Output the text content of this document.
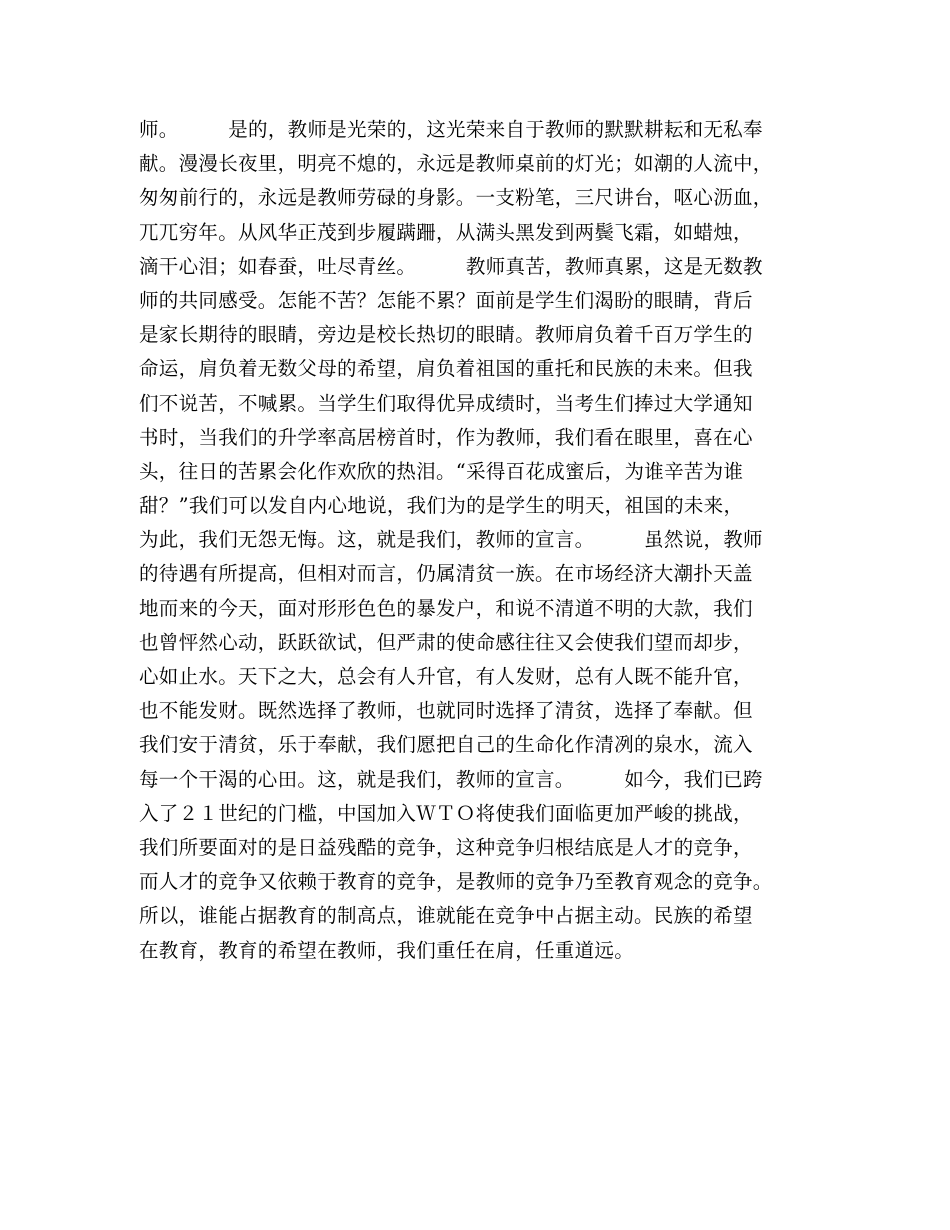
师。　　　是的，教师是光荣的，这光荣来自于教师的默默耕耘和无私奉
献。漫漫长夜里，明亮不熄的，永远是教师桌前的灯光；如潮的人流中，
匆匆前行的，永远是教师劳碌的身影。一支粉笔，三尺讲台，呕心沥血，
兀兀穷年。从风华正茂到步履蹒跚，从满头黑发到两鬓飞霜，如蜡烛，
滴干心泪；如春蚕，吐尽青丝。　　　教师真苦，教师真累，这是无数教
师的共同感受。怎能不苦？怎能不累？面前是学生们渴盼的眼睛，背后
是家长期待的眼睛，旁边是校长热切的眼睛。教师肩负着千百万学生的
命运，肩负着无数父母的希望，肩负着祖国的重托和民族的未来。但我
们不说苦，不喊累。当学生们取得优异成绩时，当考生们捧过大学通知
书时，当我们的升学率高居榜首时，作为教师，我们看在眼里，喜在心
头，往日的苦累会化作欢欣的热泪。“采得百花成蜜后，为谁辛苦为谁
甜？”我们可以发自内心地说，我们为的是学生的明天，祖国的未来，
为此，我们无怨无悔。这，就是我们，教师的宣言。　　　虽然说，教师
的待遇有所提高，但相对而言，仍属清贫一族。在市场经济大潮扑天盖
地而来的今天，面对形形色色的暴发户，和说不清道不明的大款，我们
也曾怦然心动，跃跃欲试，但严肃的使命感往往又会使我们望而却步，
心如止水。天下之大，总会有人升官，有人发财，总有人既不能升官，
也不能发财。既然选择了教师，也就同时选择了清贫，选择了奉献。但
我们安于清贫，乐于奉献，我们愿把自己的生命化作清冽的泉水，流入
每一个干渴的心田。这，就是我们，教师的宣言。　　　如今，我们已跨
入了２１世纪的门槛，中国加入ＷＴＯ将使我们面临更加严峻的挑战，
我们所要面对的是日益残酷的竞争，这种竞争归根结底是人才的竞争，
而人才的竞争又依赖于教育的竞争，是教师的竞争乃至教育观念的竞争。
所以，谁能占据教育的制高点，谁就能在竞争中占据主动。民族的希望
在教育，教育的希望在教师，我们重任在肩，任重道远。
